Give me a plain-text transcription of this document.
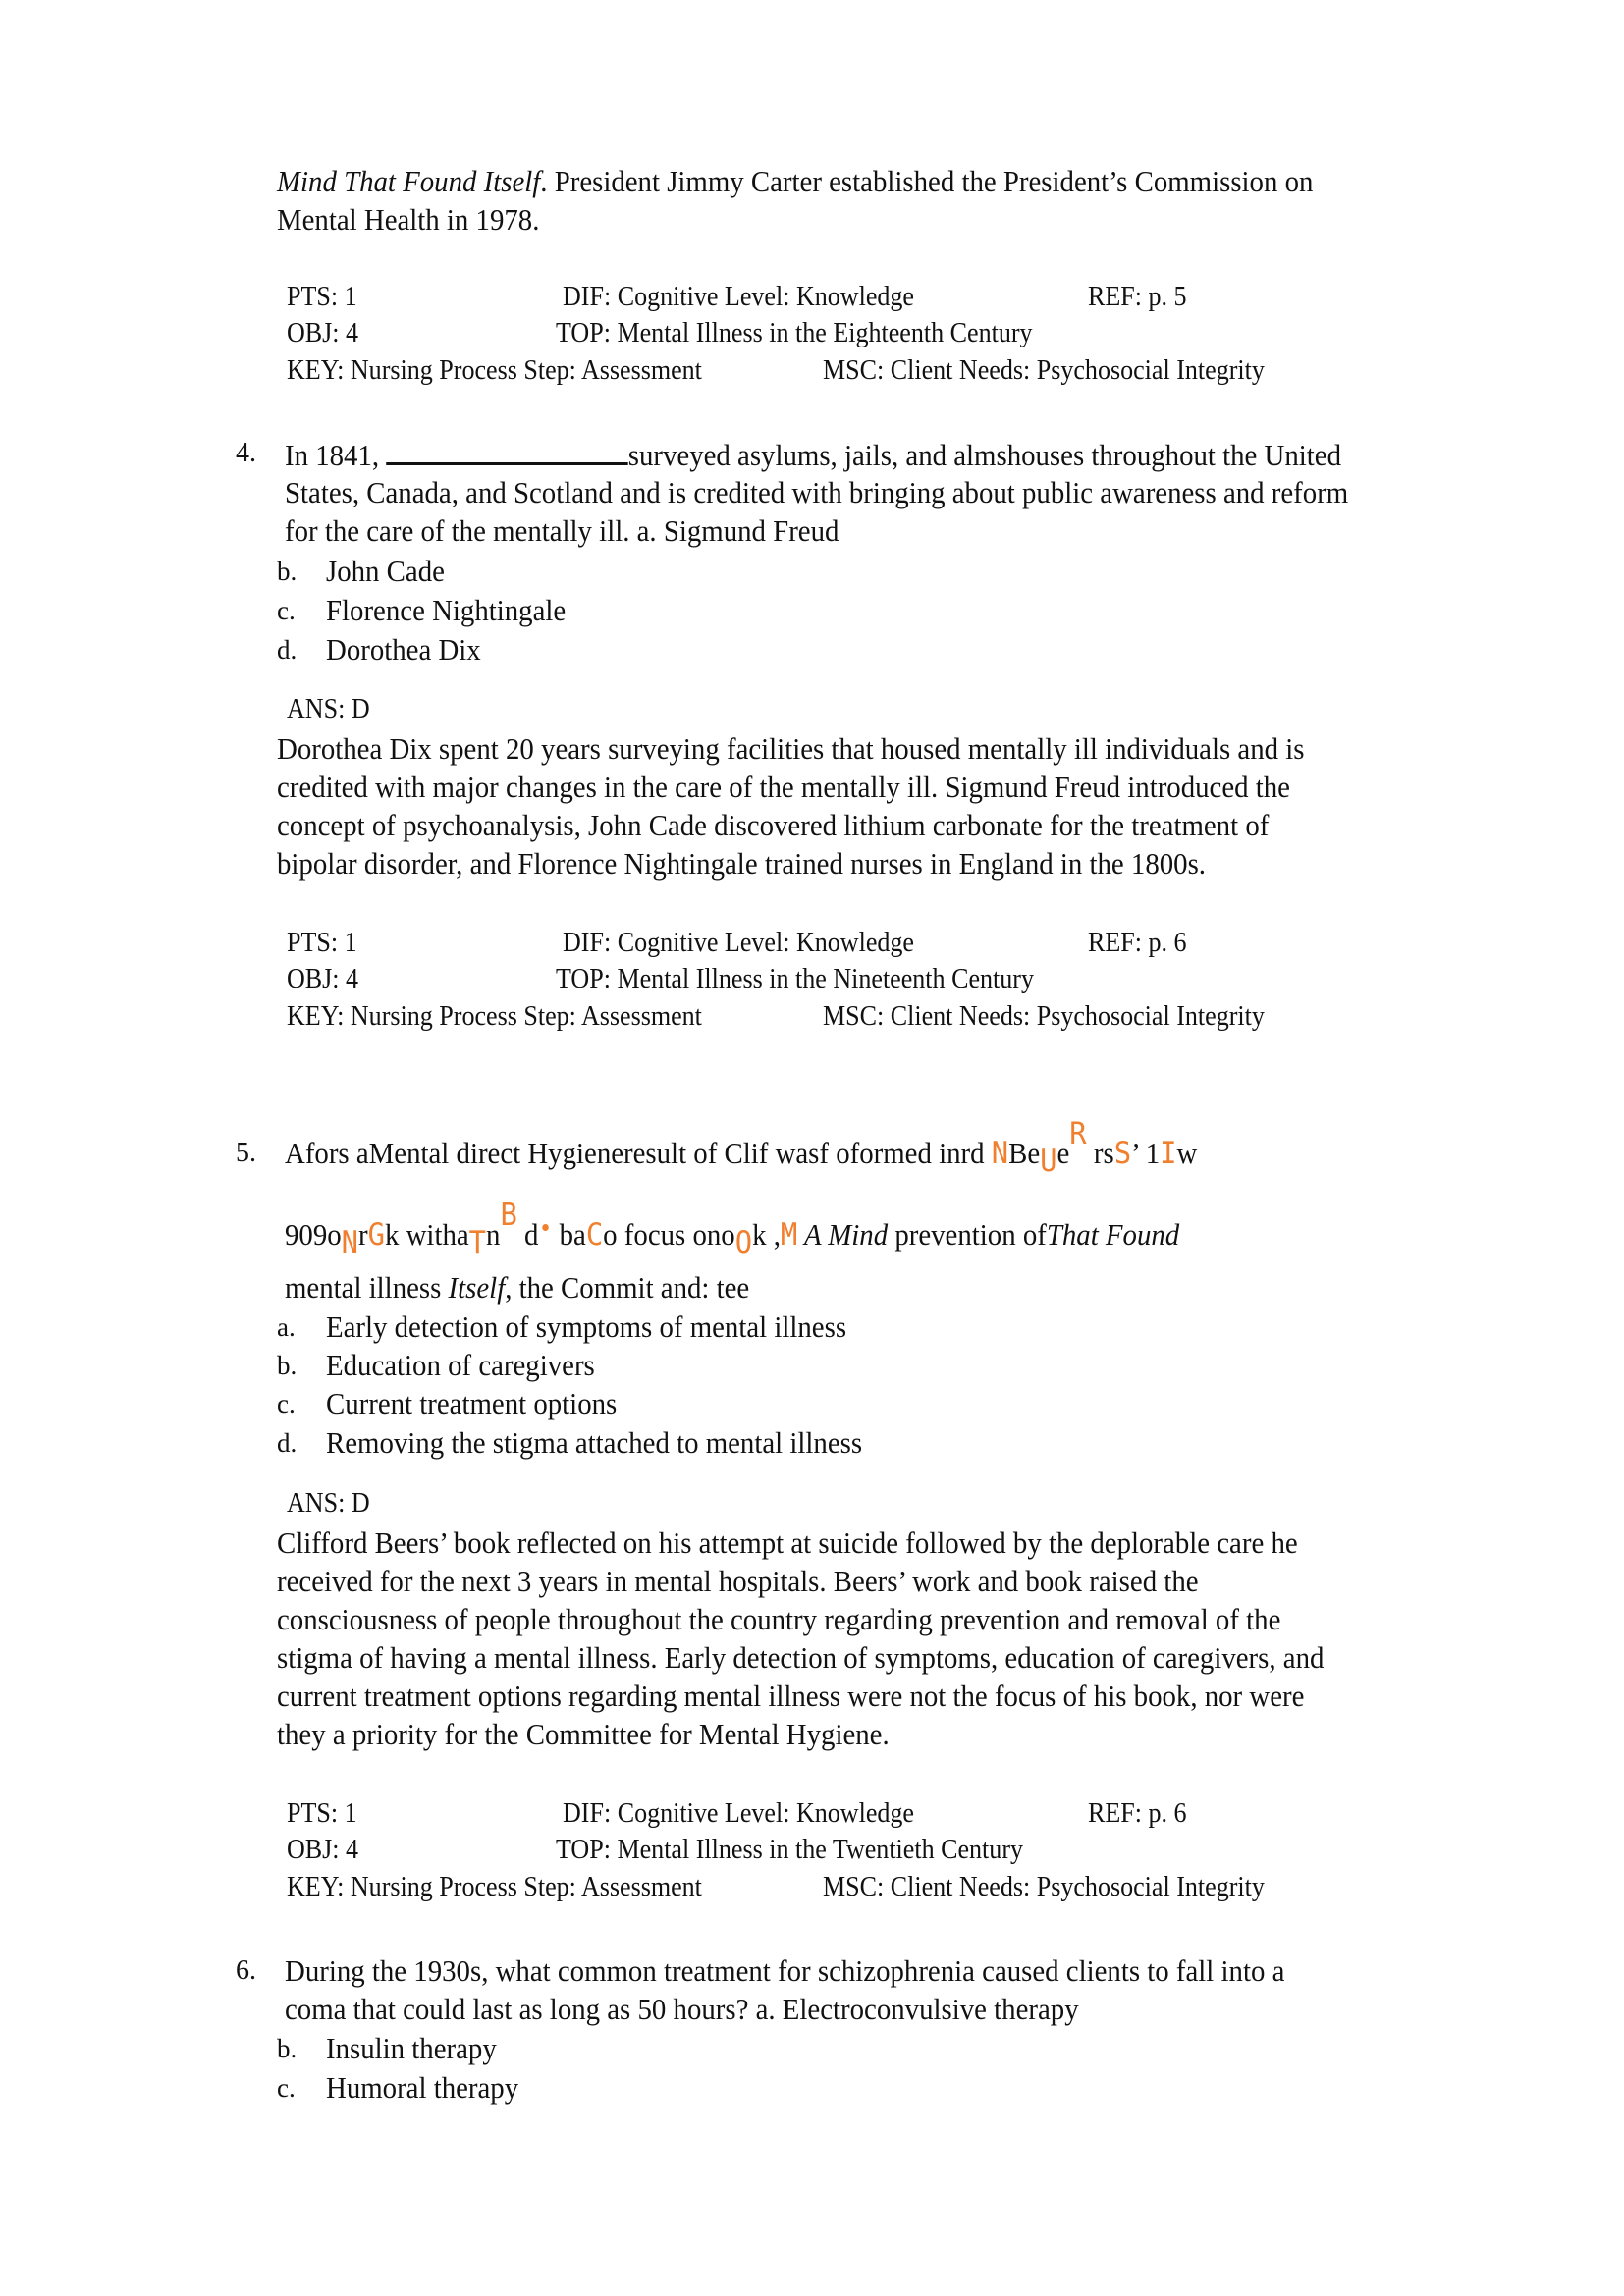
Mind That Found Itself. President Jimmy Carter established the President’s Commission on
Mental Health in 1978.
PTS: 1	DIF: Cognitive Level: Knowledge	REF: p. 5
OBJ: 4	TOP: Mental Illness in the Eighteenth Century
KEY: Nursing Process Step: Assessment	MSC: Client Needs: Psychosocial Integrity
4. In 1841,	surveyed asylums, jails, and almshouses throughout the United
States, Canada, and Scotland and is credited with bringing about public awareness and reform
for the care of the mentally ill. a. Sigmund Freud
b. John Cade
c. Florence Nightingale
d. Dorothea Dix
ANS: D
Dorothea Dix spent 20 years surveying facilities that housed mentally ill individuals and is
credited with major changes in the care of the mentally ill. Sigmund Freud introduced the
concept of psychoanalysis, John Cade discovered lithium carbonate for the treatment of
bipolar disorder, and Florence Nightingale trained nurses in England in the 1800s.
PTS: 1	DIF: Cognitive Level: Knowledge	REF: p. 6
OBJ: 4	TOP: Mental Illness in the Nineteenth Century
KEY: Nursing Process Step: Assessment	MSC: Client Needs: Psychosocial Integrity
5. Afors aMental direct Hygieneresult of Clif wasf oformed inrd NBeUeR rsS’ 1Iw
909oNrGk withaTnB d baCo focus onoOk ,M A Mind prevention ofThat Found
mental illness Itself, the Commit and: tee
a. Early detection of symptoms of mental illness
b. Education of caregivers
c. Current treatment options
d. Removing the stigma attached to mental illness
ANS: D
Clifford Beers’ book reflected on his attempt at suicide followed by the deplorable care he
received for the next 3 years in mental hospitals. Beers’ work and book raised the
consciousness of people throughout the country regarding prevention and removal of the
stigma of having a mental illness. Early detection of symptoms, education of caregivers, and
current treatment options regarding mental illness were not the focus of his book, nor were
they a priority for the Committee for Mental Hygiene.
PTS: 1	DIF: Cognitive Level: Knowledge	REF: p. 6
OBJ: 4	TOP: Mental Illness in the Twentieth Century
KEY: Nursing Process Step: Assessment	MSC: Client Needs: Psychosocial Integrity
6. During the 1930s, what common treatment for schizophrenia caused clients to fall into a
coma that could last as long as 50 hours? a. Electroconvulsive therapy
b. Insulin therapy
c. Humoral therapy
